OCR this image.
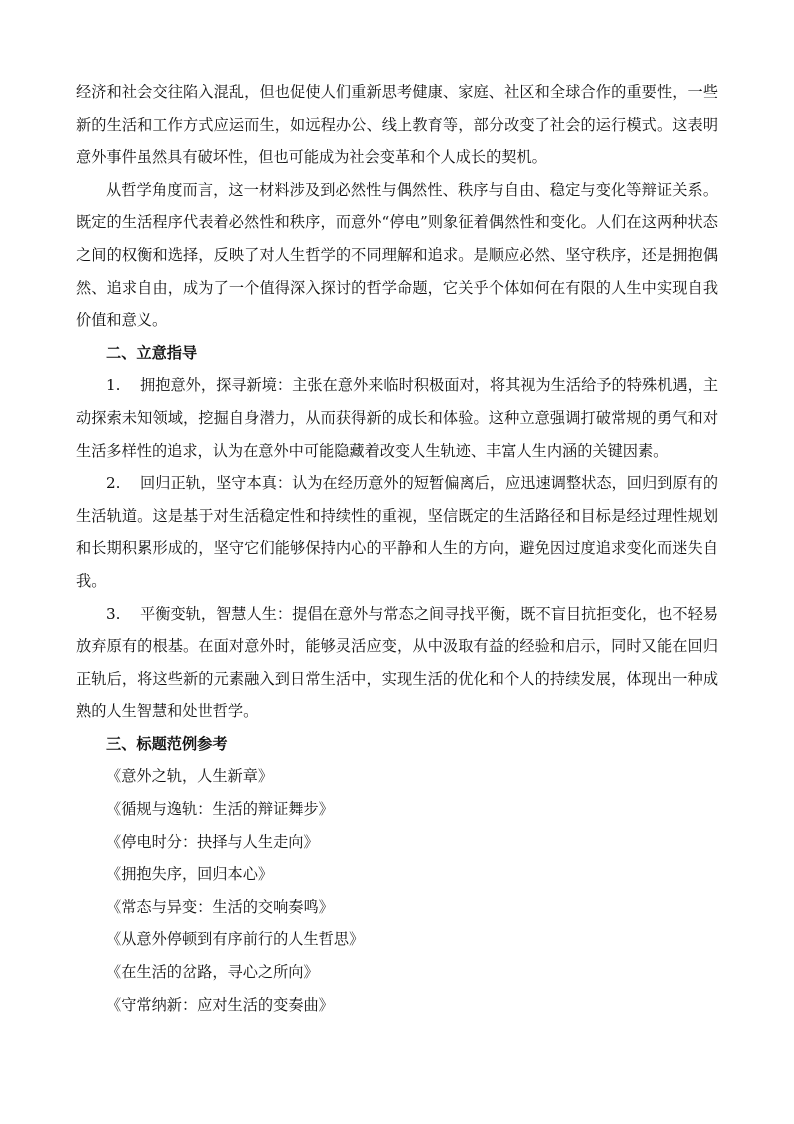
经济和社会交往陷入混乱，但也促使人们重新思考健康、家庭、社区和全球合作的重要性，一些新的生活和工作方式应运而生，如远程办公、线上教育等，部分改变了社会的运行模式。这表明意外事件虽然具有破坏性，但也可能成为社会变革和个人成长的契机。

从哲学角度而言，这一材料涉及到必然性与偶然性、秩序与自由、稳定与变化等辩证关系。既定的生活程序代表着必然性和秩序，而意外“停电”则象征着偶然性和变化。人们在这两种状态之间的权衡和选择，反映了对人生哲学的不同理解和追求。是顺应必然、坚守秩序，还是拥抱偶然、追求自由，成为了一个值得深入探讨的哲学命题，它关乎个体如何在有限的人生中实现自我价值和意义。

二、立意指导

1. 拥抱意外，探寻新境：主张在意外来临时积极面对，将其视为生活给予的特殊机遇，主动探索未知领域，挖掘自身潜力，从而获得新的成长和体验。这种立意强调打破常规的勇气和对生活多样性的追求，认为在意外中可能隐藏着改变人生轨迹、丰富人生内涵的关键因素。

2. 回归正轨，坚守本真：认为在经历意外的短暂偏离后，应迅速调整状态，回归到原有的生活轨道。这是基于对生活稳定性和持续性的重视，坚信既定的生活路径和目标是经过理性规划和长期积累形成的，坚守它们能够保持内心的平静和人生的方向，避免因过度追求变化而迷失自我。

3. 平衡变轨，智慧人生：提倡在意外与常态之间寻找平衡，既不盲目抗拒变化，也不轻易放弃原有的根基。在面对意外时，能够灵活应变，从中汲取有益的经验和启示，同时又能在回归正轨后，将这些新的元素融入到日常生活中，实现生活的优化和个人的持续发展，体现出一种成熟的人生智慧和处世哲学。

三、标题范例参考

《意外之轨，人生新章》
《循规与逸轨：生活的辩证舞步》
《停电时分：抉择与人生走向》
《拥抱失序，回归本心》
《常态与异变：生活的交响奏鸣》
《从意外停顿到有序前行的人生哲思》
《在生活的岔路，寻心之所向》
《守常纳新：应对生活的变奏曲》
